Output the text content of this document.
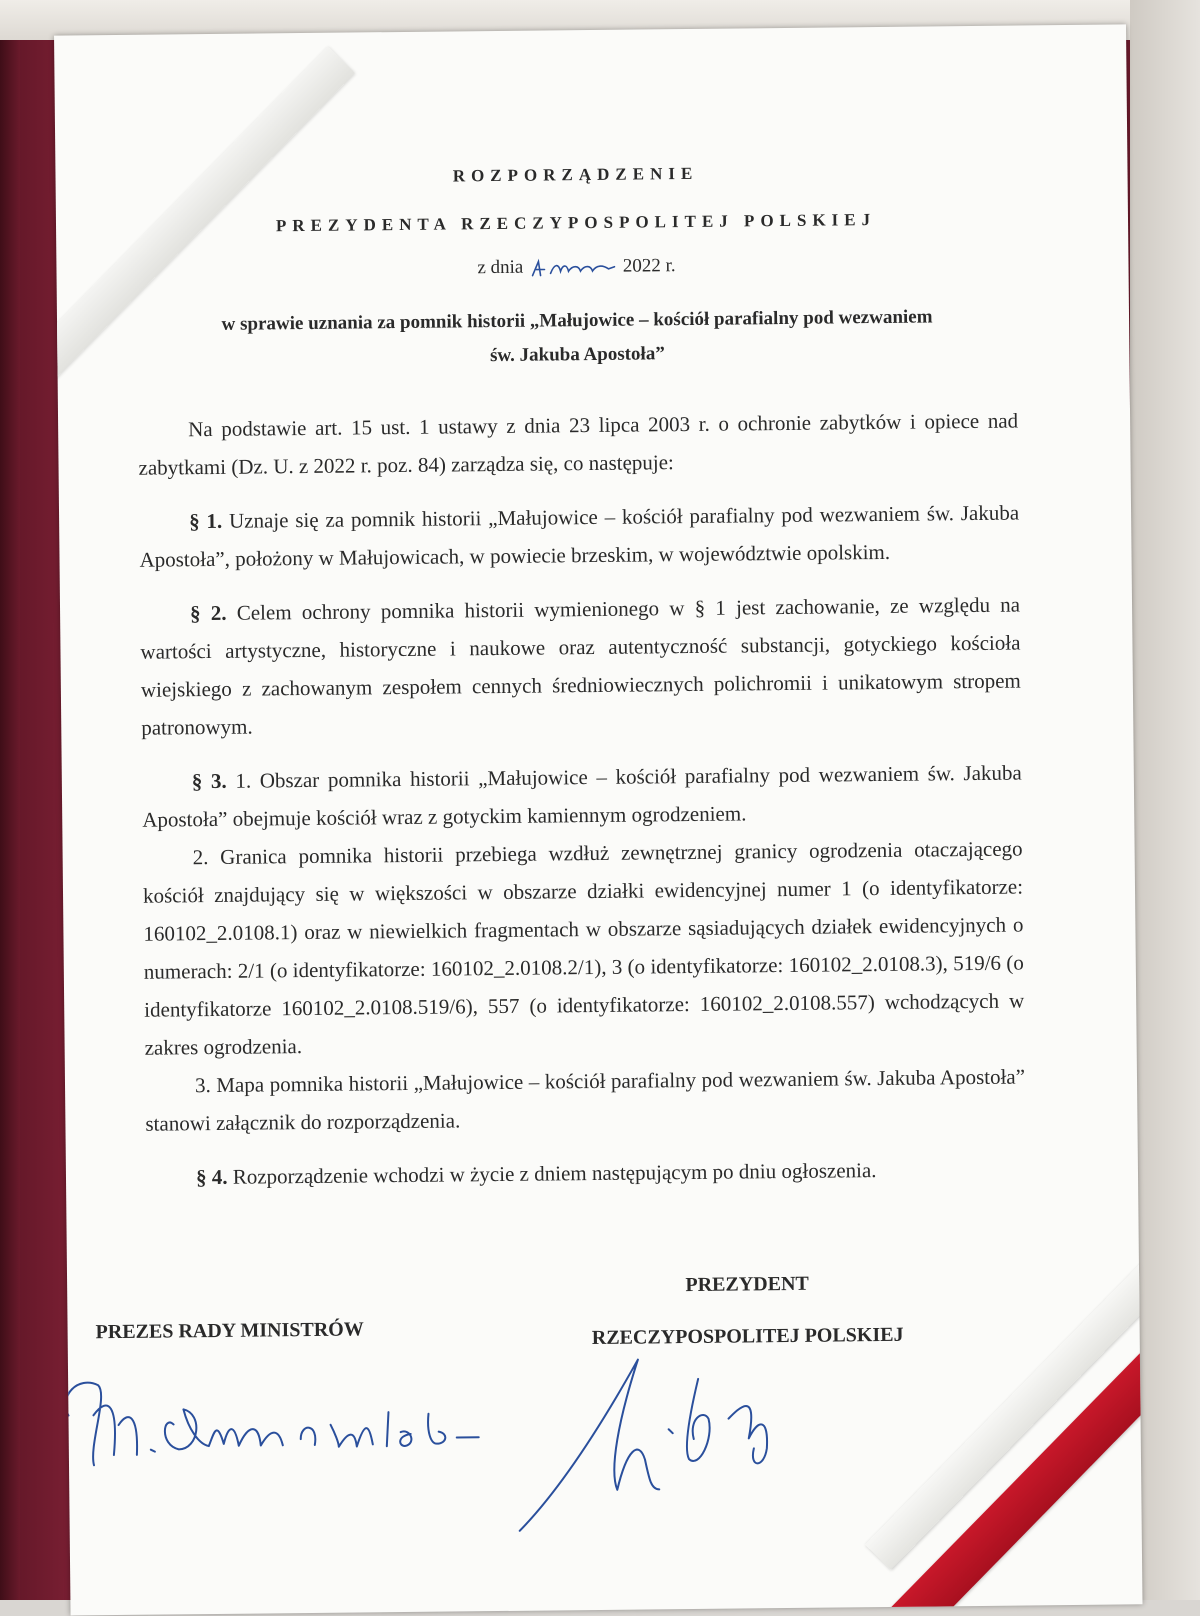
ROZPORZĄDZENIE

PREZYDENTA RZECZYPOSPOLITEJ POLSKIEJ

z dnia	2022 r.
w sprawie uznania za pomnik historii „Małujowice – kościół parafialny pod wezwaniem
św. Jakuba Apostoła”

Na podstawie art. 15 ust. 1 ustawy z dnia 23 lipca 2003 r. o ochronie zabytków i opiece nad zabytkami (Dz. U. z 2022 r. poz. 84) zarządza się, co następuje:

§ 1. Uznaje się za pomnik historii „Małujowice – kościół parafialny pod wezwaniem św. Jakuba Apostoła”, położony w Małujowicach, w powiecie brzeskim, w województwie opolskim.

§ 2. Celem ochrony pomnika historii wymienionego w § 1 jest zachowanie, ze względu na wartości artystyczne, historyczne i naukowe oraz autentyczność substancji, gotyckiego kościoła wiejskiego z zachowanym zespołem cennych średniowiecznych polichromii i unikatowym stropem patronowym.

§ 3. 1. Obszar pomnika historii „Małujowice – kościół parafialny pod wezwaniem św. Jakuba Apostoła” obejmuje kościół wraz z gotyckim kamiennym ogrodzeniem.

2. Granica pomnika historii przebiega wzdłuż zewnętrznej granicy ogrodzenia otaczającego kościół znajdujący się w większości w obszarze działki ewidencyjnej numer 1 (o identyfikatorze: 160102_2.0108.1) oraz w niewielkich fragmentach w obszarze sąsiadujących działek ewidencyjnych o numerach: 2/1 (o identyfikatorze: 160102_2.0108.2/1), 3 (o identyfikatorze: 160102_2.0108.3), 519/6 (o identyfikatorze 160102_2.0108.519/6), 557 (o identyfikatorze: 160102_2.0108.557) wchodzących w zakres ogrodzenia.

3. Mapa pomnika historii „Małujowice – kościół parafialny pod wezwaniem św. Jakuba Apostoła” stanowi załącznik do rozporządzenia.

§ 4. Rozporządzenie wchodzi w życie z dniem następującym po dniu ogłoszenia.

PREZYDENT
RZECZYPOSPOLITEJ POLSKIEJ
PREZES RADY MINISTRÓW
